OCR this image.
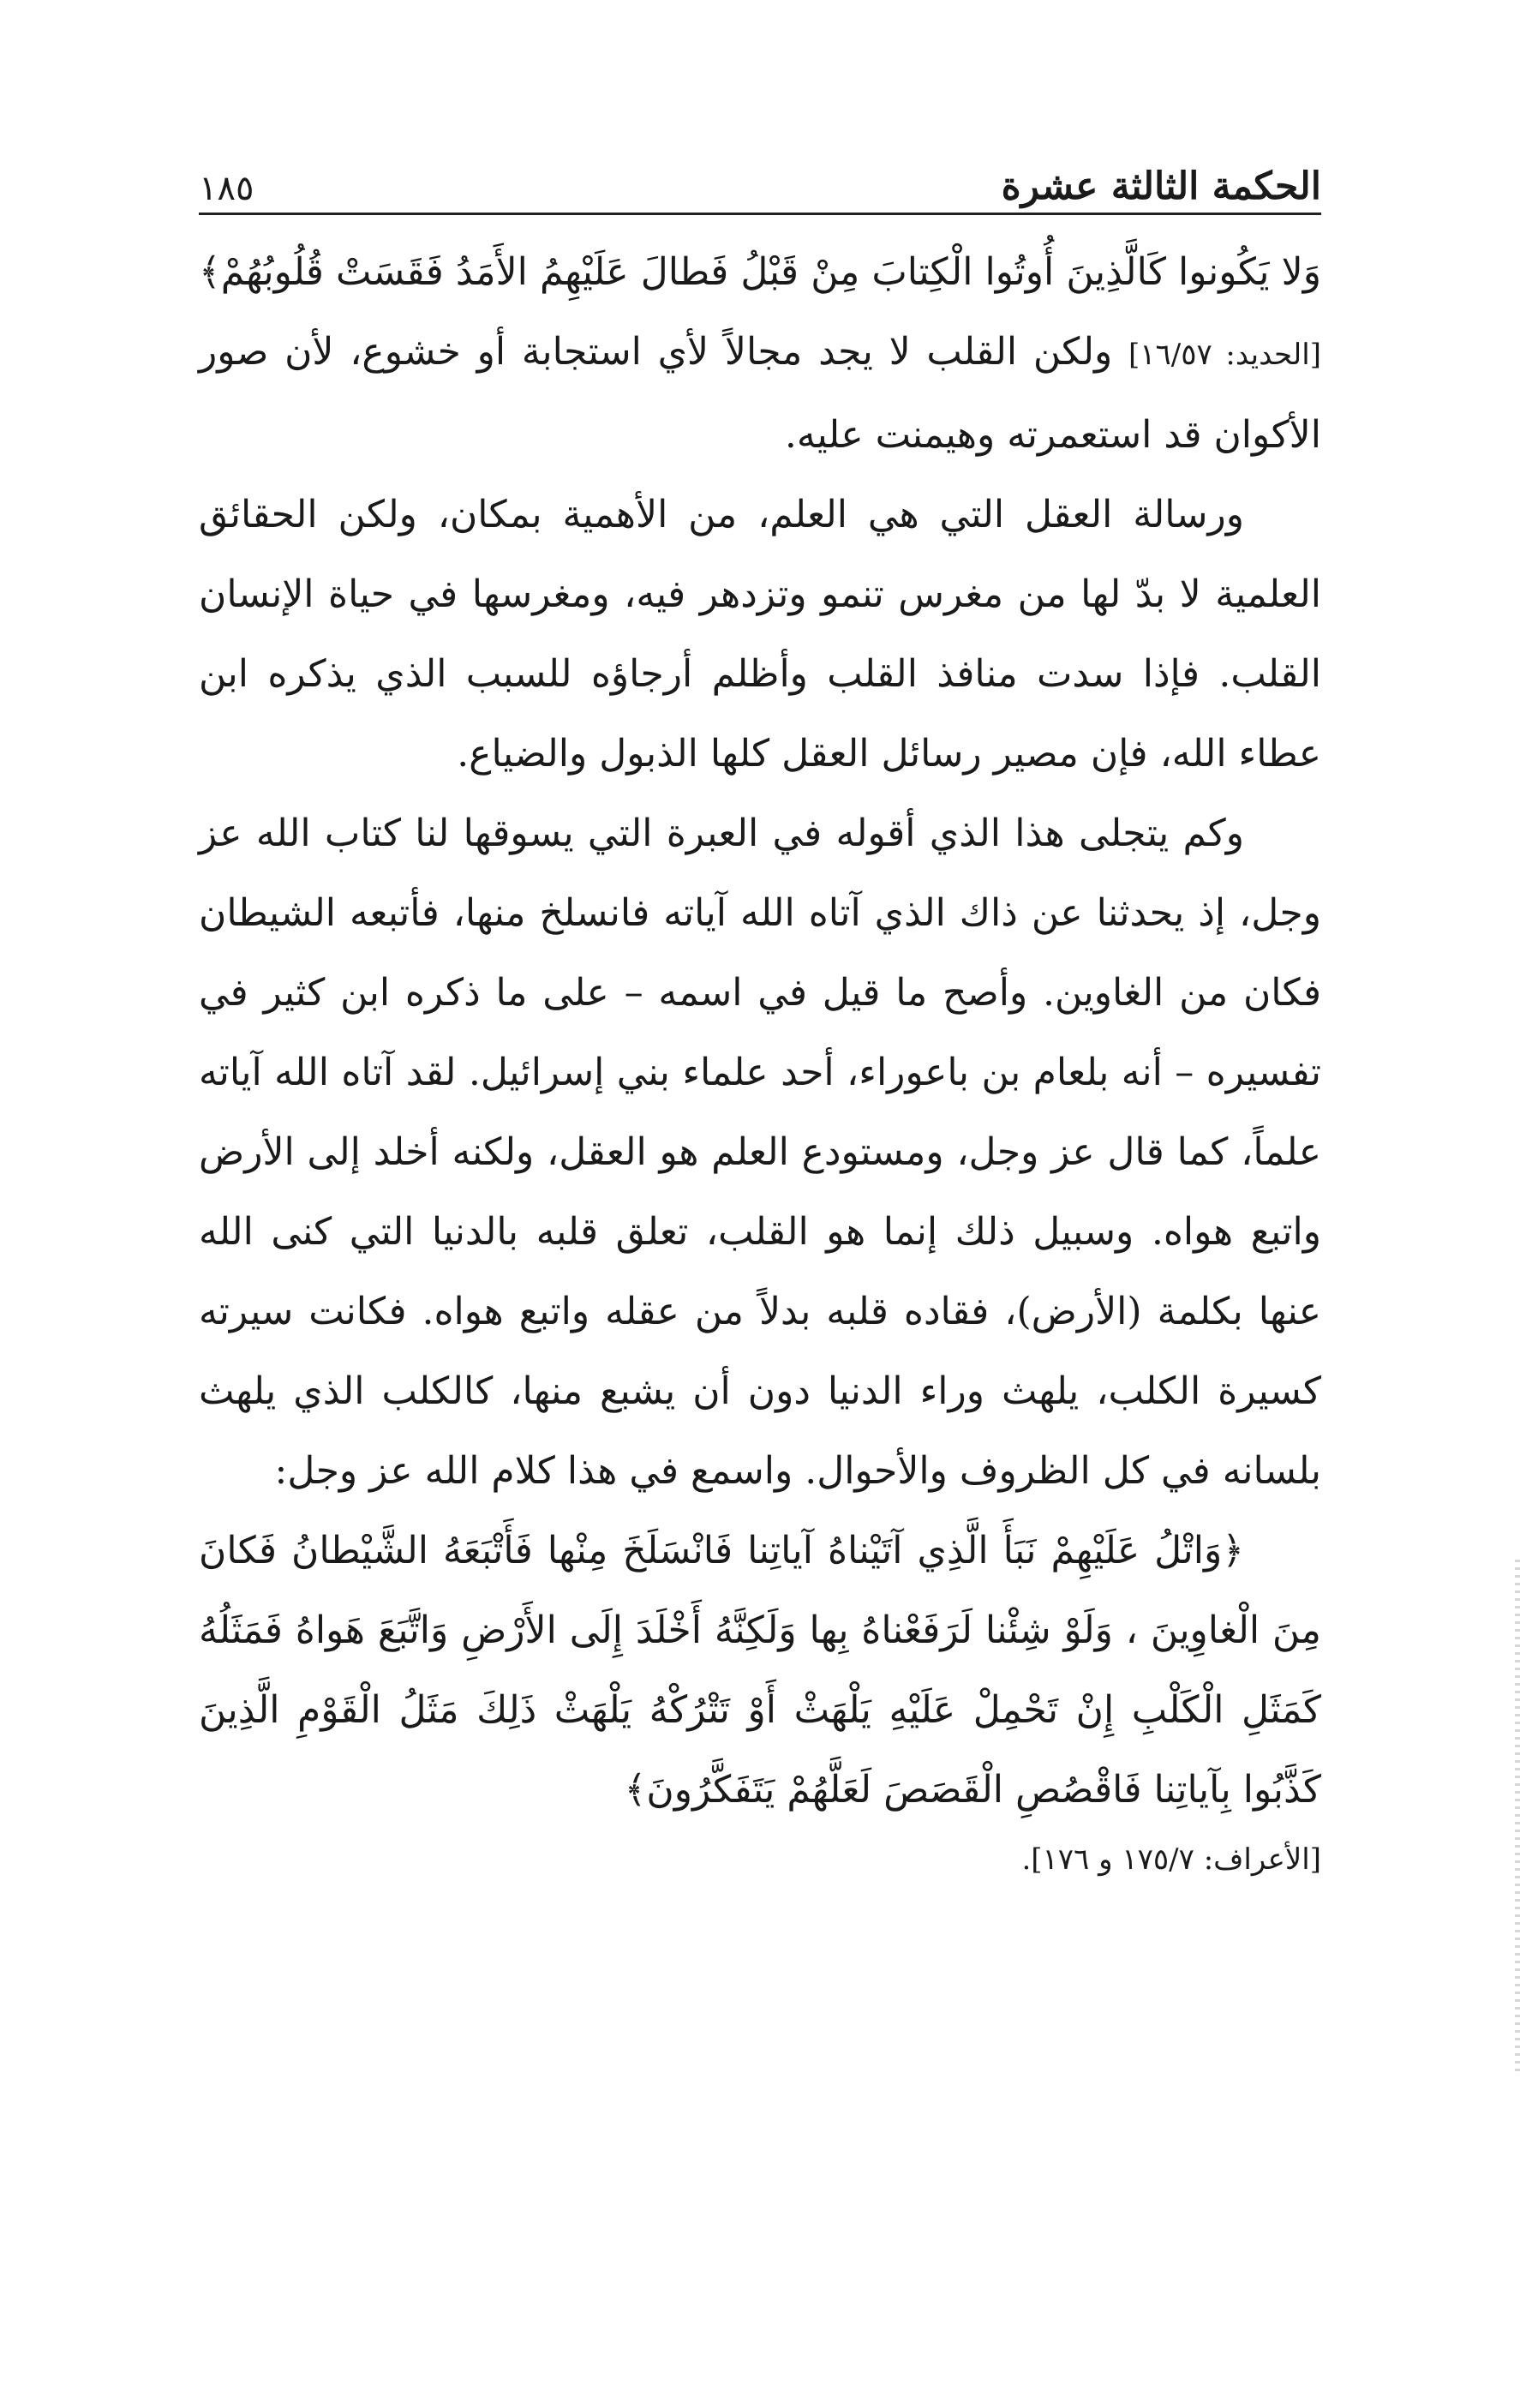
الحكمة الثالثة عشرة
١٨٥

وَلا يَكُونوا كَالَّذِينَ أُوتُوا الْكِتابَ مِنْ قَبْلُ فَطالَ عَلَيْهِمُ الأَمَدُ فَقَسَتْ قُلُوبُهُمْ﴾ [الحديد: ١٦/٥٧] ولكن القلب لا يجد مجالاً لأي استجابة أو خشوع، لأن صور الأكوان قد استعمرته وهيمنت عليه.

ورسالة العقل التي هي العلم، من الأهمية بمكان، ولكن الحقائق العلمية لا بدّ لها من مغرس تنمو وتزدهر فيه، ومغرسها في حياة الإنسان القلب. فإذا سدت منافذ القلب وأظلم أرجاؤه للسبب الذي يذكره ابن عطاء الله، فإن مصير رسائل العقل كلها الذبول والضياع.

وكم يتجلى هذا الذي أقوله في العبرة التي يسوقها لنا كتاب الله عز وجل، إذ يحدثنا عن ذاك الذي آتاه الله آياته فانسلخ منها، فأتبعه الشيطان فكان من الغاوين. وأصح ما قيل في اسمه – على ما ذكره ابن كثير في تفسيره – أنه بلعام بن باعوراء، أحد علماء بني إسرائيل. لقد آتاه الله آياته علماً، كما قال عز وجل، ومستودع العلم هو العقل، ولكنه أخلد إلى الأرض واتبع هواه. وسبيل ذلك إنما هو القلب، تعلق قلبه بالدنيا التي كنى الله عنها بكلمة (الأرض)، فقاده قلبه بدلاً من عقله واتبع هواه. فكانت سيرته كسيرة الكلب، يلهث وراء الدنيا دون أن يشبع منها، كالكلب الذي يلهث بلسانه في كل الظروف والأحوال. واسمع في هذا كلام الله عز وجل:

﴿وَاتْلُ عَلَيْهِمْ نَبَأَ الَّذِي آتَيْناهُ آياتِنا فَانْسَلَخَ مِنْها فَأَتْبَعَهُ الشَّيْطانُ فَكانَ مِنَ الْغاوِينَ ، وَلَوْ شِئْنا لَرَفَعْناهُ بِها وَلَكِنَّهُ أَخْلَدَ إِلَى الأَرْضِ وَاتَّبَعَ هَواهُ فَمَثَلُهُ كَمَثَلِ الْكَلْبِ إِنْ تَحْمِلْ عَلَيْهِ يَلْهَثْ أَوْ تَتْرُكْهُ يَلْهَثْ ذَلِكَ مَثَلُ الْقَوْمِ الَّذِينَ كَذَّبُوا بِآياتِنا فَاقْصُصِ الْقَصَصَ لَعَلَّهُمْ يَتَفَكَّرُونَ﴾

[الأعراف: ١٧٥/٧ و ١٧٦].
